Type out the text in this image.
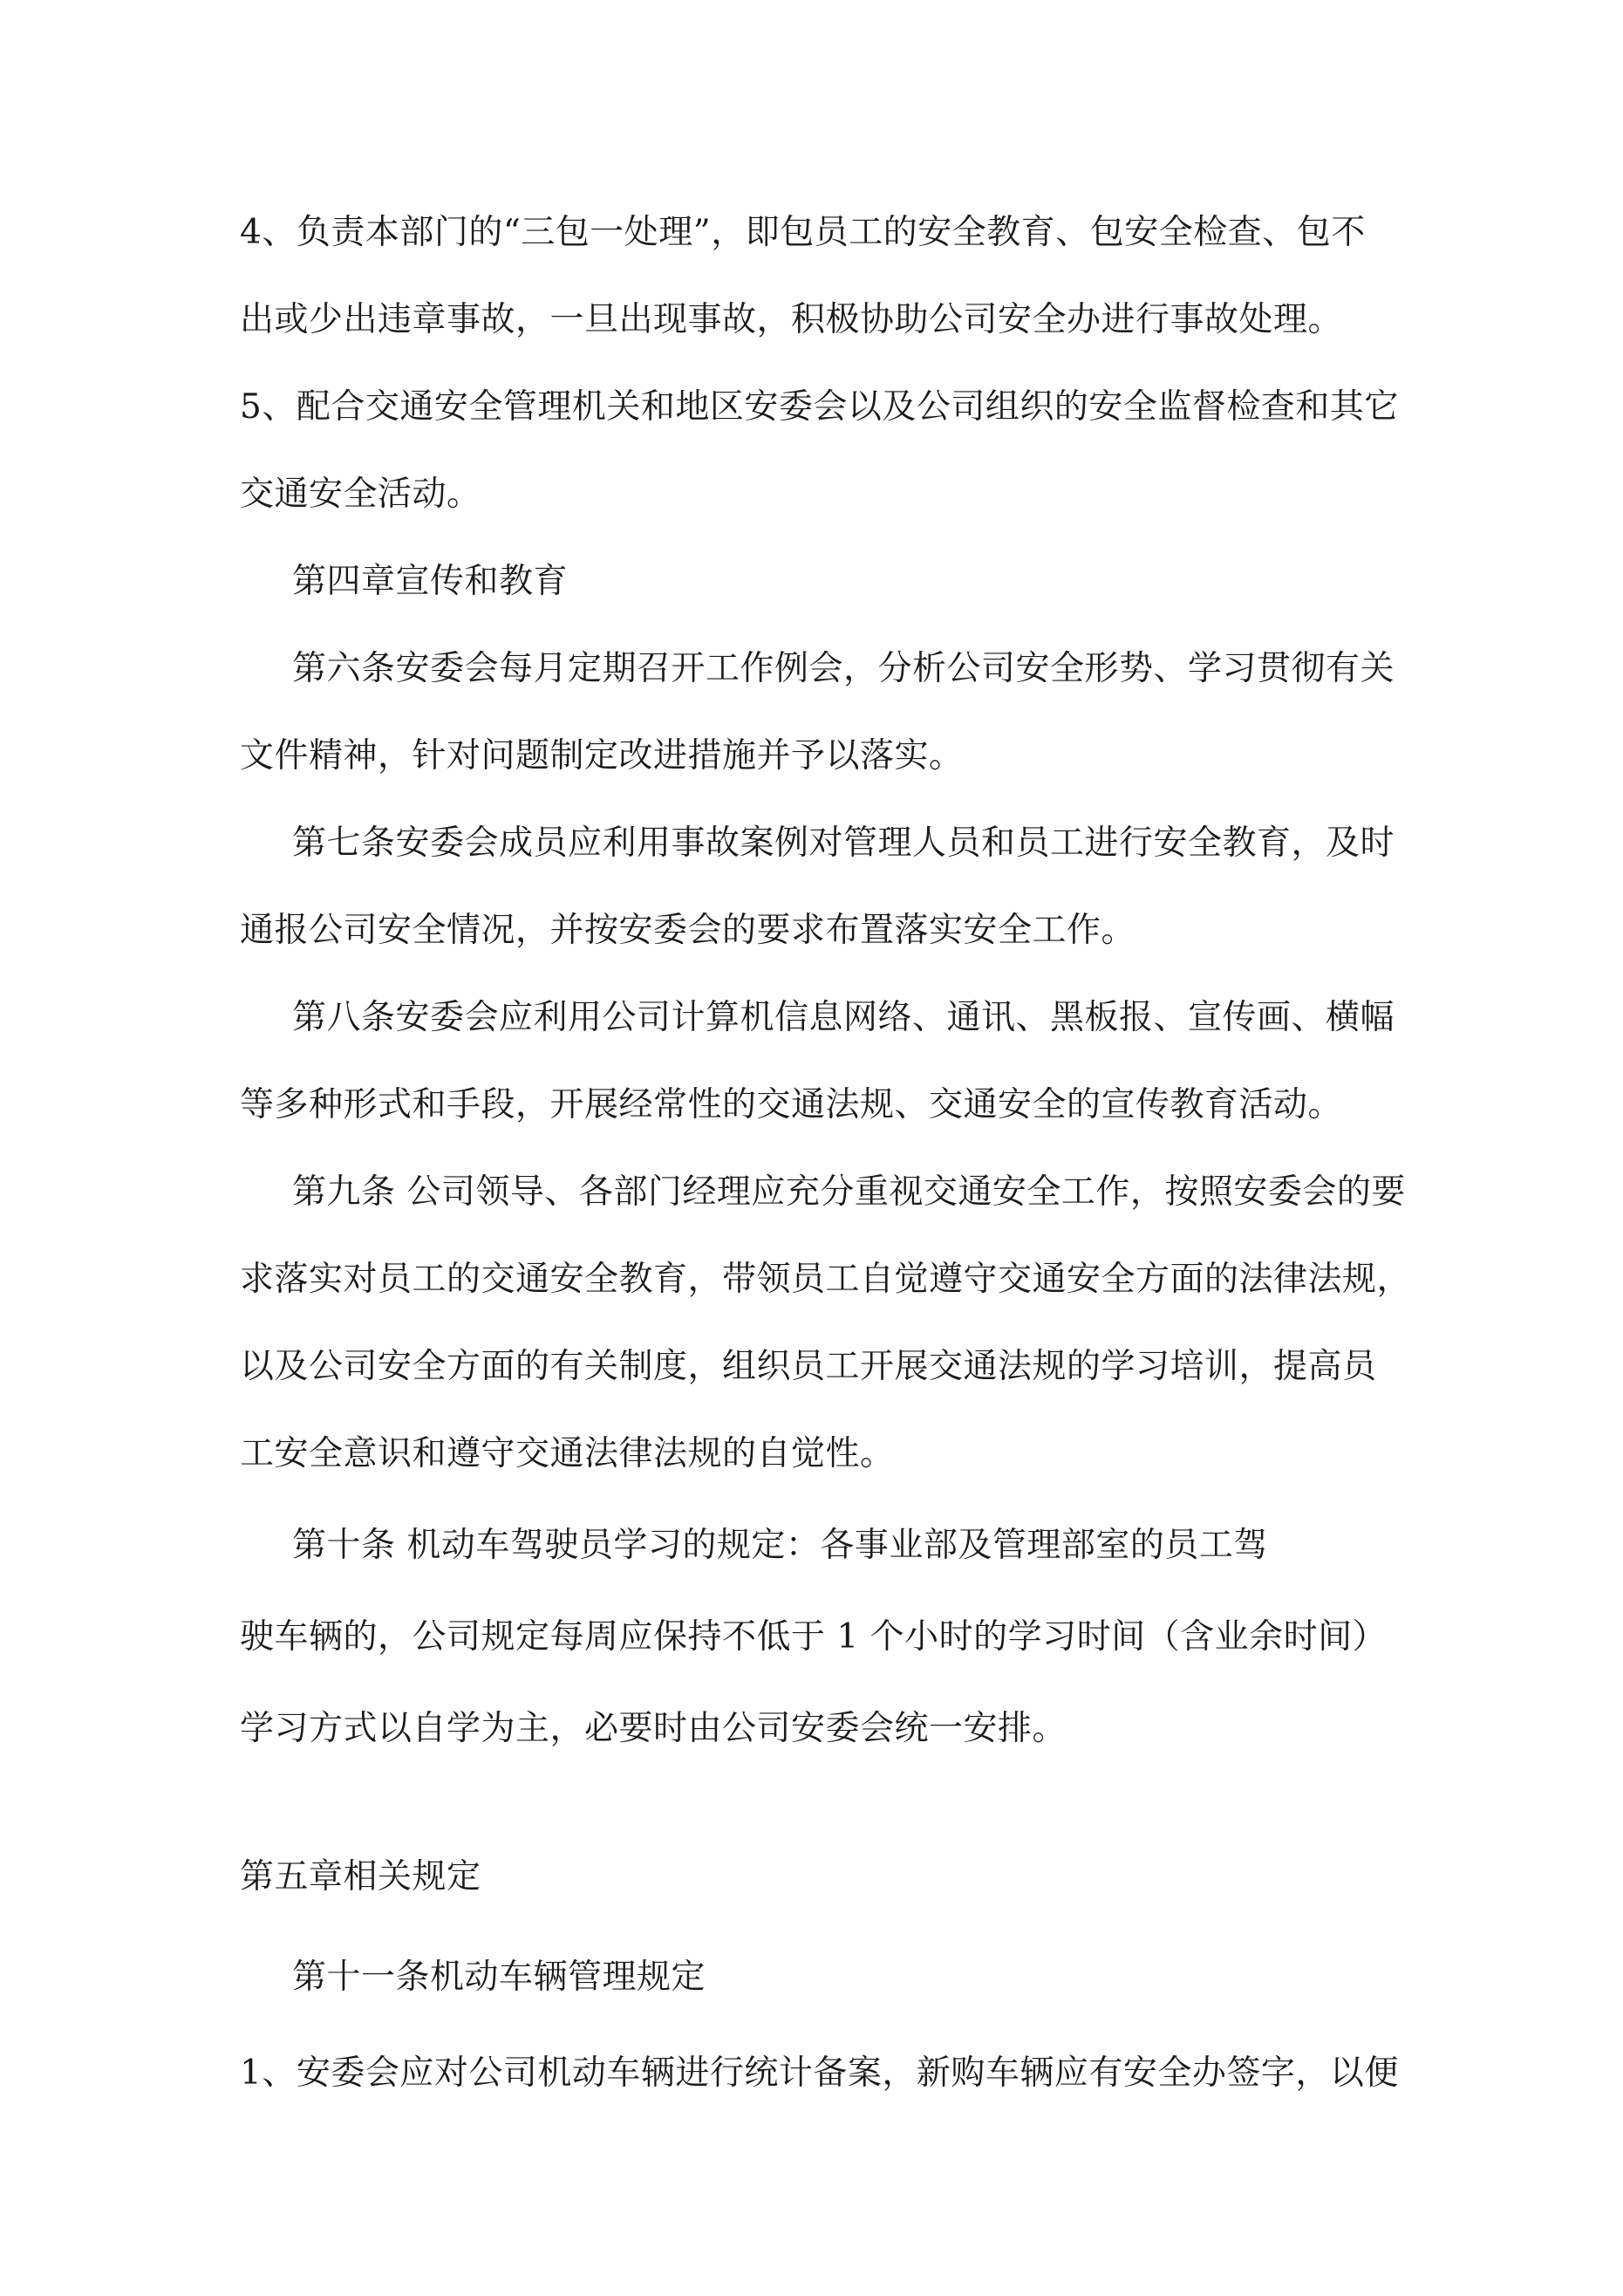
4、负责本部门的“三包一处理”，即包员工的安全教育、包安全检查、包不
出或少出违章事故，一旦出现事故，积极协助公司安全办进行事故处理。
5、配合交通安全管理机关和地区安委会以及公司组织的安全监督检查和其它
交通安全活动。
第四章宣传和教育
第六条安委会每月定期召开工作例会，分析公司安全形势、学习贯彻有关
文件精神，针对问题制定改进措施并予以落实。
第七条安委会成员应利用事故案例对管理人员和员工进行安全教育，及时
通报公司安全情况，并按安委会的要求布置落实安全工作。
第八条安委会应利用公司计算机信息网络、通讯、黑板报、宣传画、横幅
等多种形式和手段，开展经常性的交通法规、交通安全的宣传教育活动。
第九条 公司领导、各部门经理应充分重视交通安全工作，按照安委会的要
求落实对员工的交通安全教育，带领员工自觉遵守交通安全方面的法律法规，
以及公司安全方面的有关制度，组织员工开展交通法规的学习培训，提高员
工安全意识和遵守交通法律法规的自觉性。
第十条 机动车驾驶员学习的规定：各事业部及管理部室的员工驾
驶车辆的，公司规定每周应保持不低于 1 个小时的学习时间（含业余时间）
学习方式以自学为主，必要时由公司安委会统一安排。
第五章相关规定
第十一条机动车辆管理规定
1、安委会应对公司机动车辆进行统计备案，新购车辆应有安全办签字，以便
